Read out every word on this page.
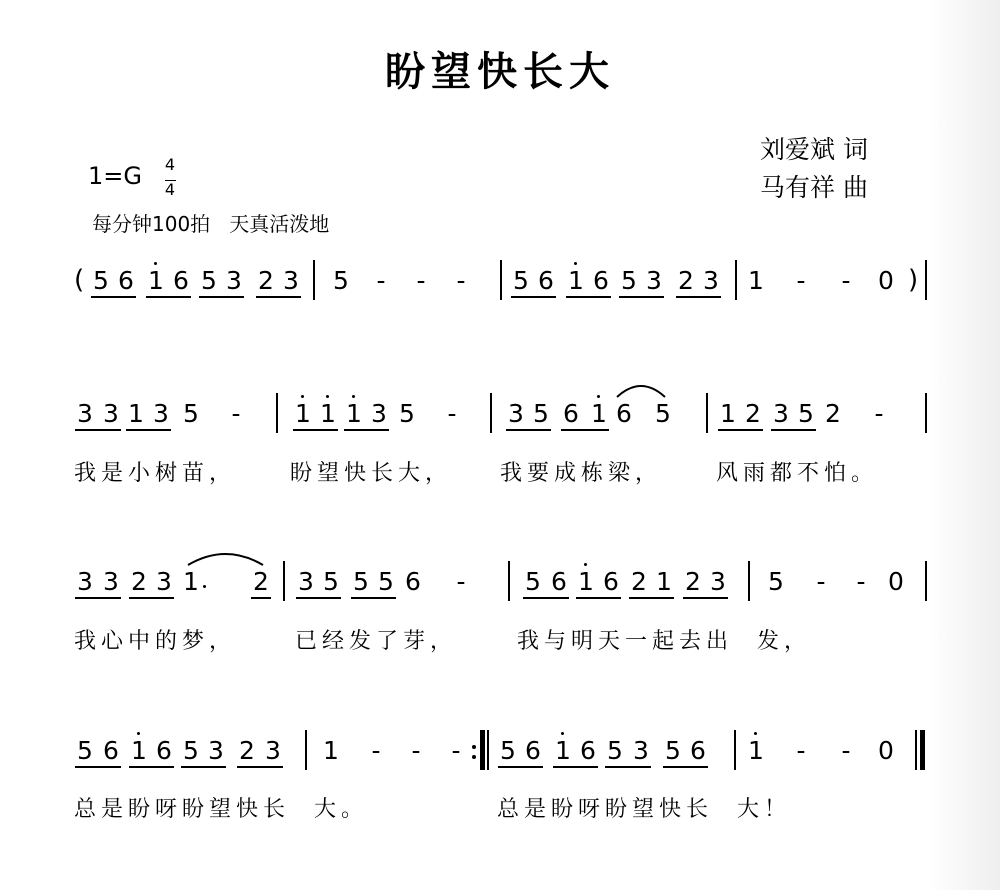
盼望快长大
刘爱斌 词
马有祥 曲
1=G 4
4
每分钟100拍   天真活泼地
5 6 1 6 5 3 2 3 5 - - - 5 6 1 6 5 3 2 3 1 - - 0
(	)
3 3 1 3 5 - 1 1 1 3 5 - 3 5 6 1 6 5 1 2 3 5 2 -
我是小树苗， 盼望快长大， 我要成栋梁， 风雨都不怕。
3 3 2 3 1 2 3 5 5 5 6 - 5 6 1 6 2 1 2 3 5 - - 0
我心中的梦，	已经发了芽，	我与明天一起去出  发，
5 6 1 6 5 3 2 3 1 - - - 5 6 1 6 5 3 5 6 1 - - 0
总是盼呀盼望快长  大。	总是盼呀盼望快长  大！
